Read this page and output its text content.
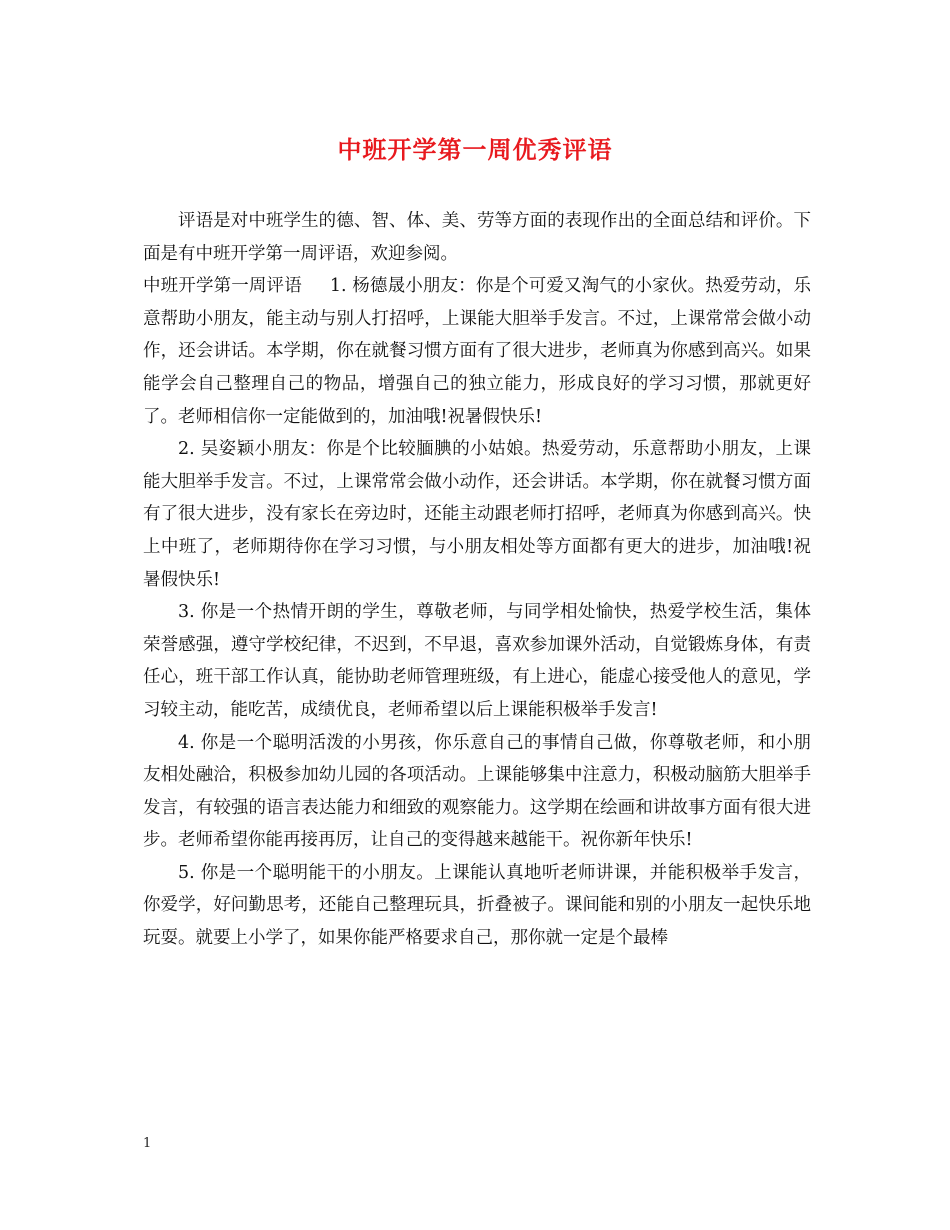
中班开学第一周优秀评语

评语是对中班学生的德、智、体、美、劳等方面的表现作出的全面总结和评价。下面是有中班开学第一周评语，欢迎参阅。

中班开学第一周评语 1. 杨德晟小朋友：你是个可爱又淘气的小家伙。热爱劳动，乐意帮助小朋友，能主动与别人打招呼，上课能大胆举手发言。不过，上课常常会做小动作，还会讲话。本学期，你在就餐习惯方面有了很大进步，老师真为你感到高兴。如果能学会自己整理自己的物品，增强自己的独立能力，形成良好的学习习惯，那就更好了。老师相信你一定能做到的，加油哦!祝暑假快乐!

2. 吴姿颖小朋友：你是个比较腼腆的小姑娘。热爱劳动，乐意帮助小朋友，上课能大胆举手发言。不过，上课常常会做小动作，还会讲话。本学期，你在就餐习惯方面有了很大进步，没有家长在旁边时，还能主动跟老师打招呼，老师真为你感到高兴。快上中班了，老师期待你在学习习惯，与小朋友相处等方面都有更大的进步，加油哦!祝暑假快乐!

3. 你是一个热情开朗的学生，尊敬老师，与同学相处愉快，热爱学校生活，集体荣誉感强，遵守学校纪律，不迟到，不早退，喜欢参加课外活动，自觉锻炼身体，有责任心，班干部工作认真，能协助老师管理班级，有上进心，能虚心接受他人的意见，学习较主动，能吃苦，成绩优良，老师希望以后上课能积极举手发言!

4. 你是一个聪明活泼的小男孩，你乐意自己的事情自己做，你尊敬老师，和小朋友相处融洽，积极参加幼儿园的各项活动。上课能够集中注意力，积极动脑筋大胆举手发言，有较强的语言表达能力和细致的观察能力。这学期在绘画和讲故事方面有很大进步。老师希望你能再接再厉，让自己的变得越来越能干。祝你新年快乐!

5. 你是一个聪明能干的小朋友。上课能认真地听老师讲课，并能积极举手发言，你爱学，好问勤思考，还能自己整理玩具，折叠被子。课间能和别的小朋友一起快乐地玩耍。就要上小学了，如果你能严格要求自己，那你就一定是个最棒

1
